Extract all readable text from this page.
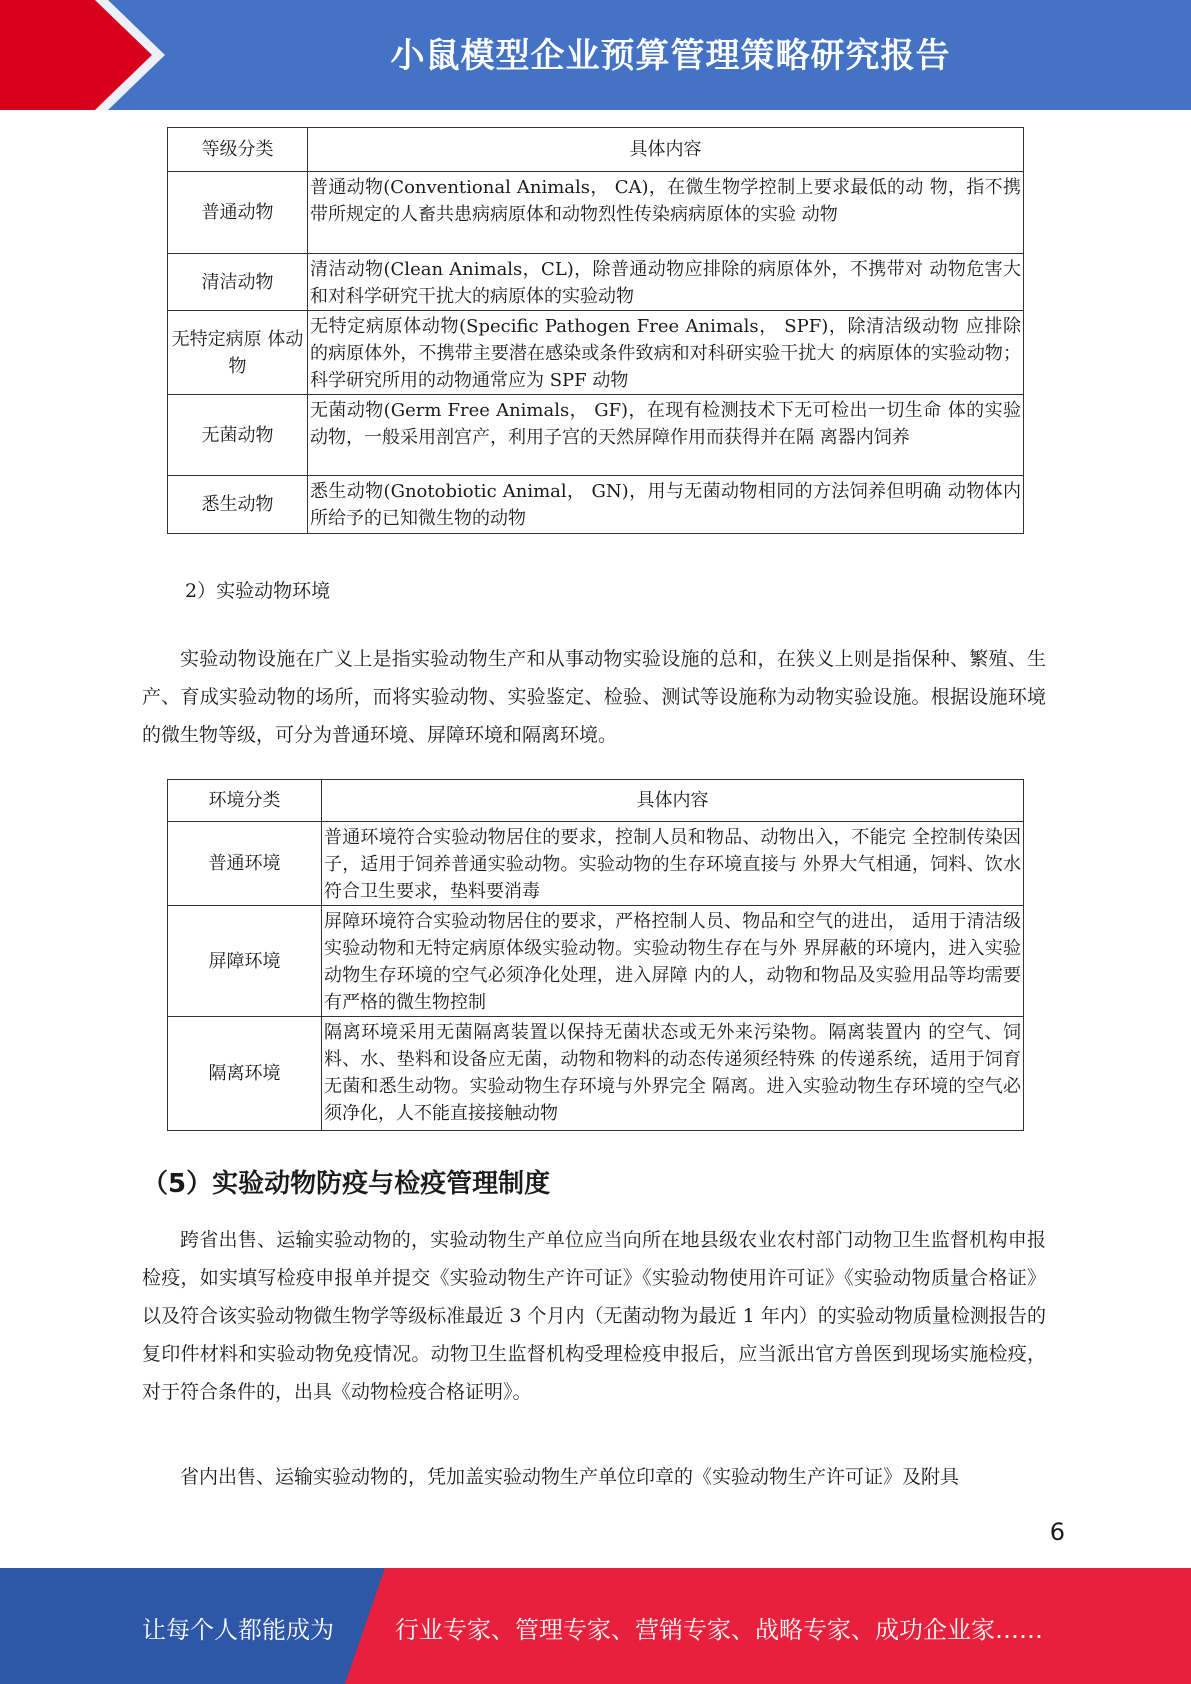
小鼠模型企业预算管理策略研究报告
等级分类	具体内容
普通动物	普通动物(Conventional Animals， CA)，在微生物学控制上要求最低的动 物，指不携带所规定的人畜共患病病原体和动物烈性传染病病原体的实验 动物
清洁动物	清洁动物(Clean Animals，CL)，除普通动物应排除的病原体外，不携带对 动物危害大和对科学研究干扰大的病原体的实验动物
无特定病原 体动物	无特定病原体动物(Specific Pathogen Free Animals， SPF)，除清洁级动物 应排除的病原体外，不携带主要潜在感染或条件致病和对科研实验干扰大 的病原体的实验动物；科学研究所用的动物通常应为 SPF 动物
无菌动物	无菌动物(Germ Free Animals， GF)，在现有检测技术下无可检出一切生命 体的实验动物，一般采用剖宫产，利用子宫的天然屏障作用而获得并在隔 离器内饲养
悉生动物	悉生动物(Gnotobiotic Animal， GN)，用与无菌动物相同的方法饲养但明确 动物体内所给予的已知微生物的动物

2）实验动物环境

实验动物设施在广义上是指实验动物生产和从事动物实验设施的总和，在狭义上则是指保种、繁殖、生产、育成实验动物的场所，而将实验动物、实验鉴定、检验、测试等设施称为动物实验设施。根据设施环境的微生物等级，可分为普通环境、屏障环境和隔离环境。

环境分类	具体内容
普通环境	普通环境符合实验动物居住的要求，控制人员和物品、动物出入，不能完 全控制传染因子，适用于饲养普通实验动物。实验动物的生存环境直接与 外界大气相通，饲料、饮水符合卫生要求，垫料要消毒
屏障环境	屏障环境符合实验动物居住的要求，严格控制人员、物品和空气的进出， 适用于清洁级实验动物和无特定病原体级实验动物。实验动物生存在与外 界屏蔽的环境内，进入实验动物生存环境的空气必须净化处理，进入屏障 内的人，动物和物品及实验用品等均需要有严格的微生物控制
隔离环境	隔离环境采用无菌隔离装置以保持无菌状态或无外来污染物。隔离装置内 的空气、饲料、水、垫料和设备应无菌，动物和物料的动态传递须经特殊 的传递系统，适用于饲育无菌和悉生动物。实验动物生存环境与外界完全 隔离。进入实验动物生存环境的空气必须净化，人不能直接接触动物
（5）实验动物防疫与检疫管理制度

跨省出售、运输实验动物的，实验动物生产单位应当向所在地县级农业农村部门动物卫生监督机构申报检疫，如实填写检疫申报单并提交《实验动物生产许可证》《实验动物使用许可证》《实验动物质量合格证》以及符合该实验动物微生物学等级标准最近 3 个月内（无菌动物为最近 1 年内）的实验动物质量检测报告的复印件材料和实验动物免疫情况。动物卫生监督机构受理检疫申报后，应当派出官方兽医到现场实施检疫，对于符合条件的，出具《动物检疫合格证明》。

省内出售、运输实验动物的，凭加盖实验动物生产单位印章的《实验动物生产许可证》及附具

6
让每个人都能成为	行业专家、管理专家、营销专家、战略专家、成功企业家……
